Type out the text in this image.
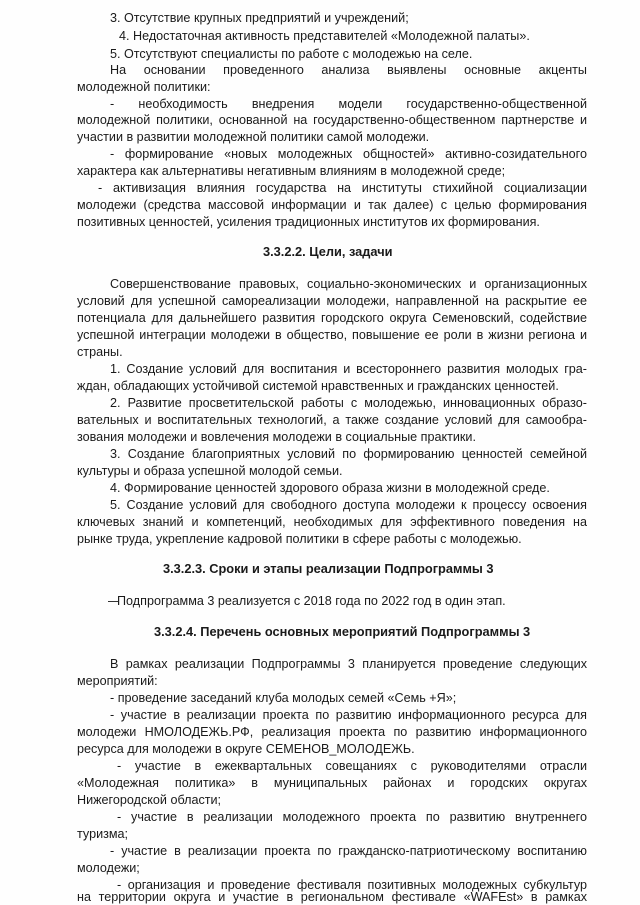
3. Отсутствие крупных предприятий и учреждений;
4. Недостаточная активность представителей «Молодежной палаты».
5. Отсутствуют специалисты по работе с молодежью на селе.
На основании проведенного анализа выявлены основные акценты
молодежной политики:
- необходимость внедрения модели государственно-общественной
молодежной политики, основанной на государственно-общественном партнерстве и
участии в развитии молодежной политики самой молодежи.
- формирование «новых молодежных общностей» активно-созидательного
характера как альтернативы негативным влияниям в молодежной среде;
- активизация влияния государства на институты стихийной социализации
молодежи (средства массовой информации и так далее) с целью формирования
позитивных ценностей, усиления традиционных институтов их формирования.
3.3.2.2. Цели, задачи
Совершенствование правовых, социально-экономических и организационных
условий для успешной самореализации молодежи, направленной на раскрытие ее
потенциала для дальнейшего развития городского округа Семеновский, содействие
успешной интеграции молодежи в общество, повышение ее роли в жизни региона и
страны.
1. Создание условий для воспитания и всестороннего развития молодых гра-
ждан, обладающих устойчивой системой нравственных и гражданских ценностей.
2. Развитие просветительской работы с молодежью, инновационных образо-
вательных и воспитательных технологий, а также создание условий для самообра-
зования молодежи и вовлечения молодежи в социальные практики.
3. Создание благоприятных условий по формированию ценностей семейной
культуры и образа успешной молодой семьи.
4. Формирование ценностей здорового образа жизни в молодежной среде.
5. Создание условий для свободного доступа молодежи к процессу освоения
ключевых знаний и компетенций, необходимых для эффективного поведения на
рынке труда, укрепление кадровой политики в сфере работы с молодежью.
3.3.2.3. Сроки и этапы реализации Подпрограммы 3
Подпрограмма 3 реализуется с 2018 года по 2022 год в один этап.
3.3.2.4. Перечень основных мероприятий Подпрограммы 3
В рамках реализации Подпрограммы 3 планируется проведение следующих
мероприятий:
- проведение заседаний клуба молодых семей «Семь +Я»;
- участие в реализации проекта по развитию информационного ресурса для
молодежи НМОЛОДЕЖЬ.РФ, реализация проекта по развитию информационного
ресурса для молодежи в округе СЕМЕНОВ_МОЛОДЕЖЬ.
- участие в ежеквартальных совещаниях с руководителями отрасли
«Молодежная политика» в муниципальных районах и городских округах
Нижегородской области;
- участие в реализации молодежного проекта по развитию внутреннего
туризма;
- участие в реализации проекта по гражданско-патриотическому воспитанию
молодежи;
- организация и проведение фестиваля позитивных молодежных субкультур
на территории округа и участие в региональном фестивале «WAFEst» в рамках
